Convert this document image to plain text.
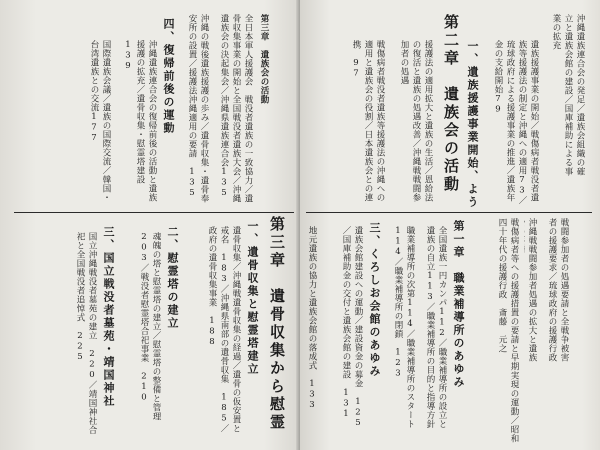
第三章　遺族会の活動

全日本軍人援護会　戦没者遺族の一致協力／遺骨収集事業の開始と全国戦没者遺族大会／沖縄遺族会の決起集会／沖縄県遺族連合会135

沖縄の戦後遺族援護の歩み／遺骨収集・遺骨奉安所の設置／援護法沖縄適用の要請　135

四、復帰前後の運動

沖縄遺族連合会の復帰前後の活動と遺族援護の拡充／遺骨収集・慰霊塔建設　139

国際遺族会議／遺族の国際交流／韓国・台湾遺族との交流177

第三章　遺骨収集から慰霊

一、遺骨収集と慰霊塔建立

遺骨収集／沖縄戦遺骨収集の経過／遺骨の仮安置と戒名　183／沖縄県南部の遺骨収集　185／政府の遺骨収集事業　188

二、慰霊塔の建立

魂魄の塔と慰霊塔の建立／慰霊塔の整備と管理　203／戦没者慰霊塔合祀事業　210

三、国立戦没者墓苑・靖国神社

国立沖縄戦没者墓苑の建立　220／靖国神社合祀と全国戦没者追悼式　225

沖縄遺族連合会の発足／遺族会組織の確立と遺族会館の建設／国庫補助による事業の拡充

第二章　遺族会の活動 一、遺族援護事業開始、よう

遺族援護事業の開始／戦傷病者戦没者遺族等援護法の制定と沖縄への適用73／琉球政府による援護事業の推進／遺族年金の支給開始79

援護法の適用拡大と遺族の生活／恩給法の復活と遺族の処遇改善／沖縄戦戦闘参加者の処遇

戦傷病者戦没者遺族等援護法の沖縄への適用と遺族会の役割／日本遺族会との連携　97

戦闘参加者の処遇要請と全戦争被害者の援護要求／琉球政府の援護行政

沖縄戦戦闘参加者処遇の拡大と遺族

戦傷病者等への援護措置の要請と早期実現の運動／昭和四十年代の援護行政　斎藤　元之

第一章　職業補導所のあゆみ

全国遺族一円カンパ112／職業補導所の設立と遺族の自立113／職業補導所の目的と指導方針

職業補導所の次第114／職業補導所のスタート114／職業補導所の閉鎖　123

三、くろしお会館のあゆみ

遺族会館建設への運動／建設資金の募金　125／国庫補助金の交付と遺族会館の建設　131

地元遺族の協力と遺族会館の落成式　133
